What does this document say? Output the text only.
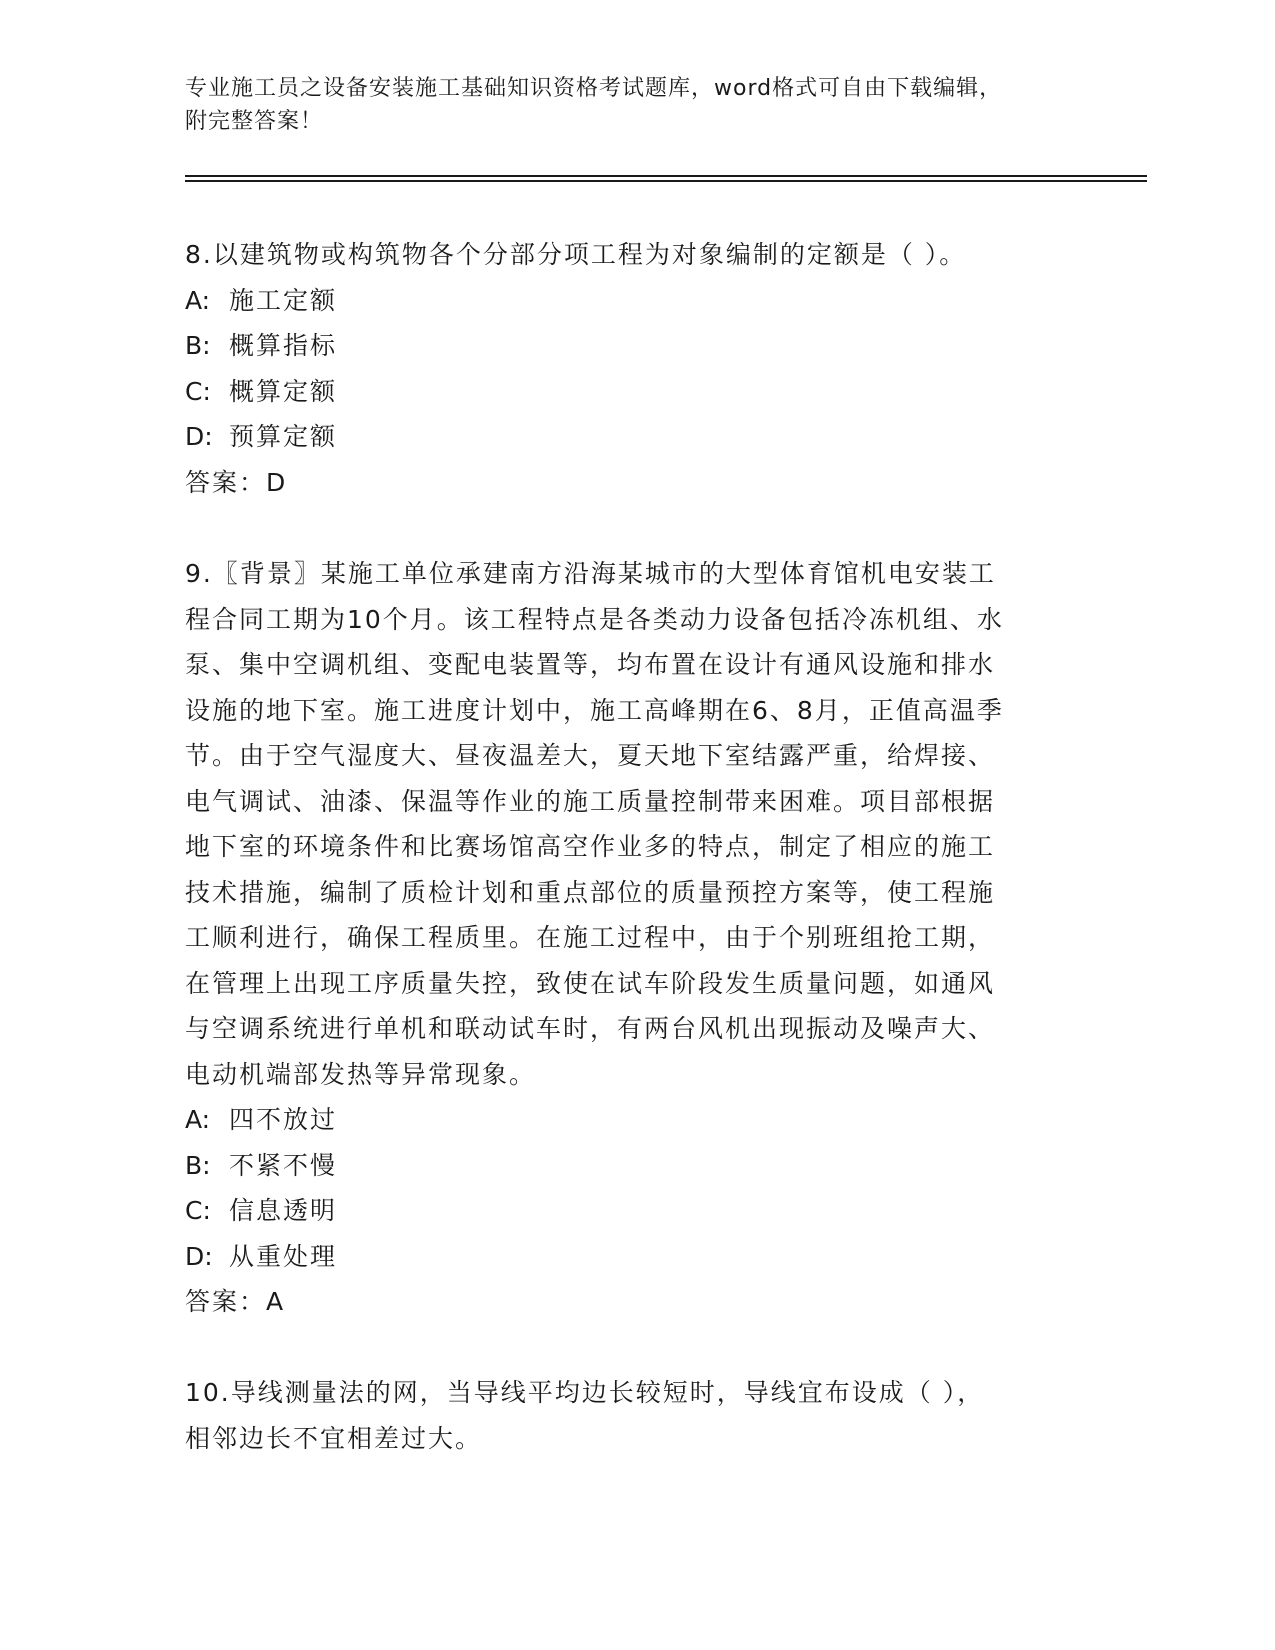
专业施工员之设备安装施工基础知识资格考试题库，word格式可自由下载编辑，
附完整答案！
8.以建筑物或构筑物各个分部分项工程为对象编制的定额是（ ）。
A: 施工定额
B: 概算指标
C: 概算定额
D: 预算定额
答案：D
9.〖背景〗某施工单位承建南方沿海某城市的大型体育馆机电安装工
程合同工期为10个月。该工程特点是各类动力设备包括冷冻机组、水
泵、集中空调机组、变配电装置等，均布置在设计有通风设施和排水
设施的地下室。施工进度计划中，施工高峰期在6、8月，正值高温季
节。由于空气湿度大、昼夜温差大，夏天地下室结露严重，给焊接、
电气调试、油漆、保温等作业的施工质量控制带来困难。项目部根据
地下室的环境条件和比赛场馆高空作业多的特点，制定了相应的施工
技术措施，编制了质检计划和重点部位的质量预控方案等，使工程施
工顺利进行，确保工程质里。在施工过程中，由于个别班组抢工期，
在管理上出现工序质量失控，致使在试车阶段发生质量问题，如通风
与空调系统进行单机和联动试车时，有两台风机出现振动及噪声大、
电动机端部发热等异常现象。
A: 四不放过
B: 不紧不慢
C: 信息透明
D: 从重处理
答案：A
10.导线测量法的网，当导线平均边长较短时，导线宜布设成（ ），
相邻边长不宜相差过大。
